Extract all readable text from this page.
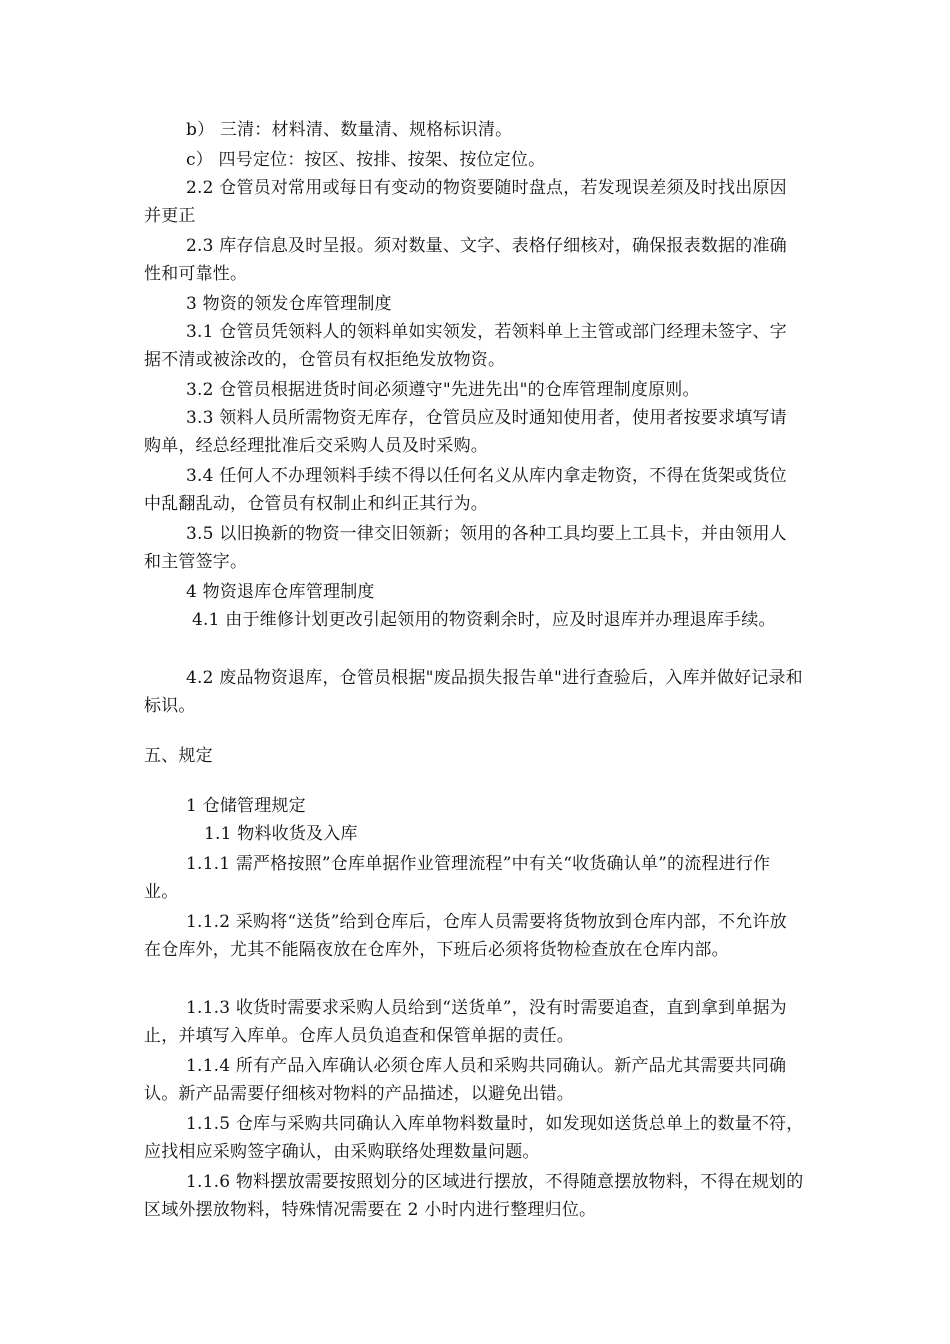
b） 三清：材料清、数量清、规格标识清。
c） 四号定位：按区、按排、按架、按位定位。
2.2 仓管员对常用或每日有变动的物资要随时盘点，若发现误差须及时找出原因并更正
2.3 库存信息及时呈报。须对数量、文字、表格仔细核对，确保报表数据的准确性和可靠性。
3 物资的领发仓库管理制度
3.1 仓管员凭领料人的领料单如实领发，若领料单上主管或部门经理未签字、字据不清或被涂改的，仓管员有权拒绝发放物资。
3.2 仓管员根据进货时间必须遵守"先进先出"的仓库管理制度原则。
3.3 领料人员所需物资无库存，仓管员应及时通知使用者，使用者按要求填写请购单，经总经理批准后交采购人员及时采购。
3.4 任何人不办理领料手续不得以任何名义从库内拿走物资，不得在货架或货位中乱翻乱动，仓管员有权制止和纠正其行为。
3.5 以旧换新的物资一律交旧领新；领用的各种工具均要上工具卡，并由领用人和主管签字。
4 物资退库仓库管理制度
4.1 由于维修计划更改引起领用的物资剩余时，应及时退库并办理退库手续。
4.2 废品物资退库，仓管员根据"废品损失报告单"进行查验后，入库并做好记录和标识。
五、规定
1 仓储管理规定
1.1 物料收货及入库
1.1.1 需严格按照”仓库单据作业管理流程”中有关“收货确认单”的流程进行作业。
1.1.2 采购将“送货”给到仓库后，仓库人员需要将货物放到仓库内部，不允许放在仓库外，尤其不能隔夜放在仓库外，下班后必须将货物检查放在仓库内部。
1.1.3 收货时需要求采购人员给到“送货单”，没有时需要追查，直到拿到单据为止，并填写入库单。仓库人员负追查和保管单据的责任。
1.1.4 所有产品入库确认必须仓库人员和采购共同确认。新产品尤其需要共同确认。新产品需要仔细核对物料的产品描述，以避免出错。
1.1.5 仓库与采购共同确认入库单物料数量时，如发现如送货总单上的数量不符，应找相应采购签字确认，由采购联络处理数量问题。
1.1.6 物料摆放需要按照划分的区域进行摆放，不得随意摆放物料，不得在规划的区域外摆放物料，特殊情况需要在 2 小时内进行整理归位。
